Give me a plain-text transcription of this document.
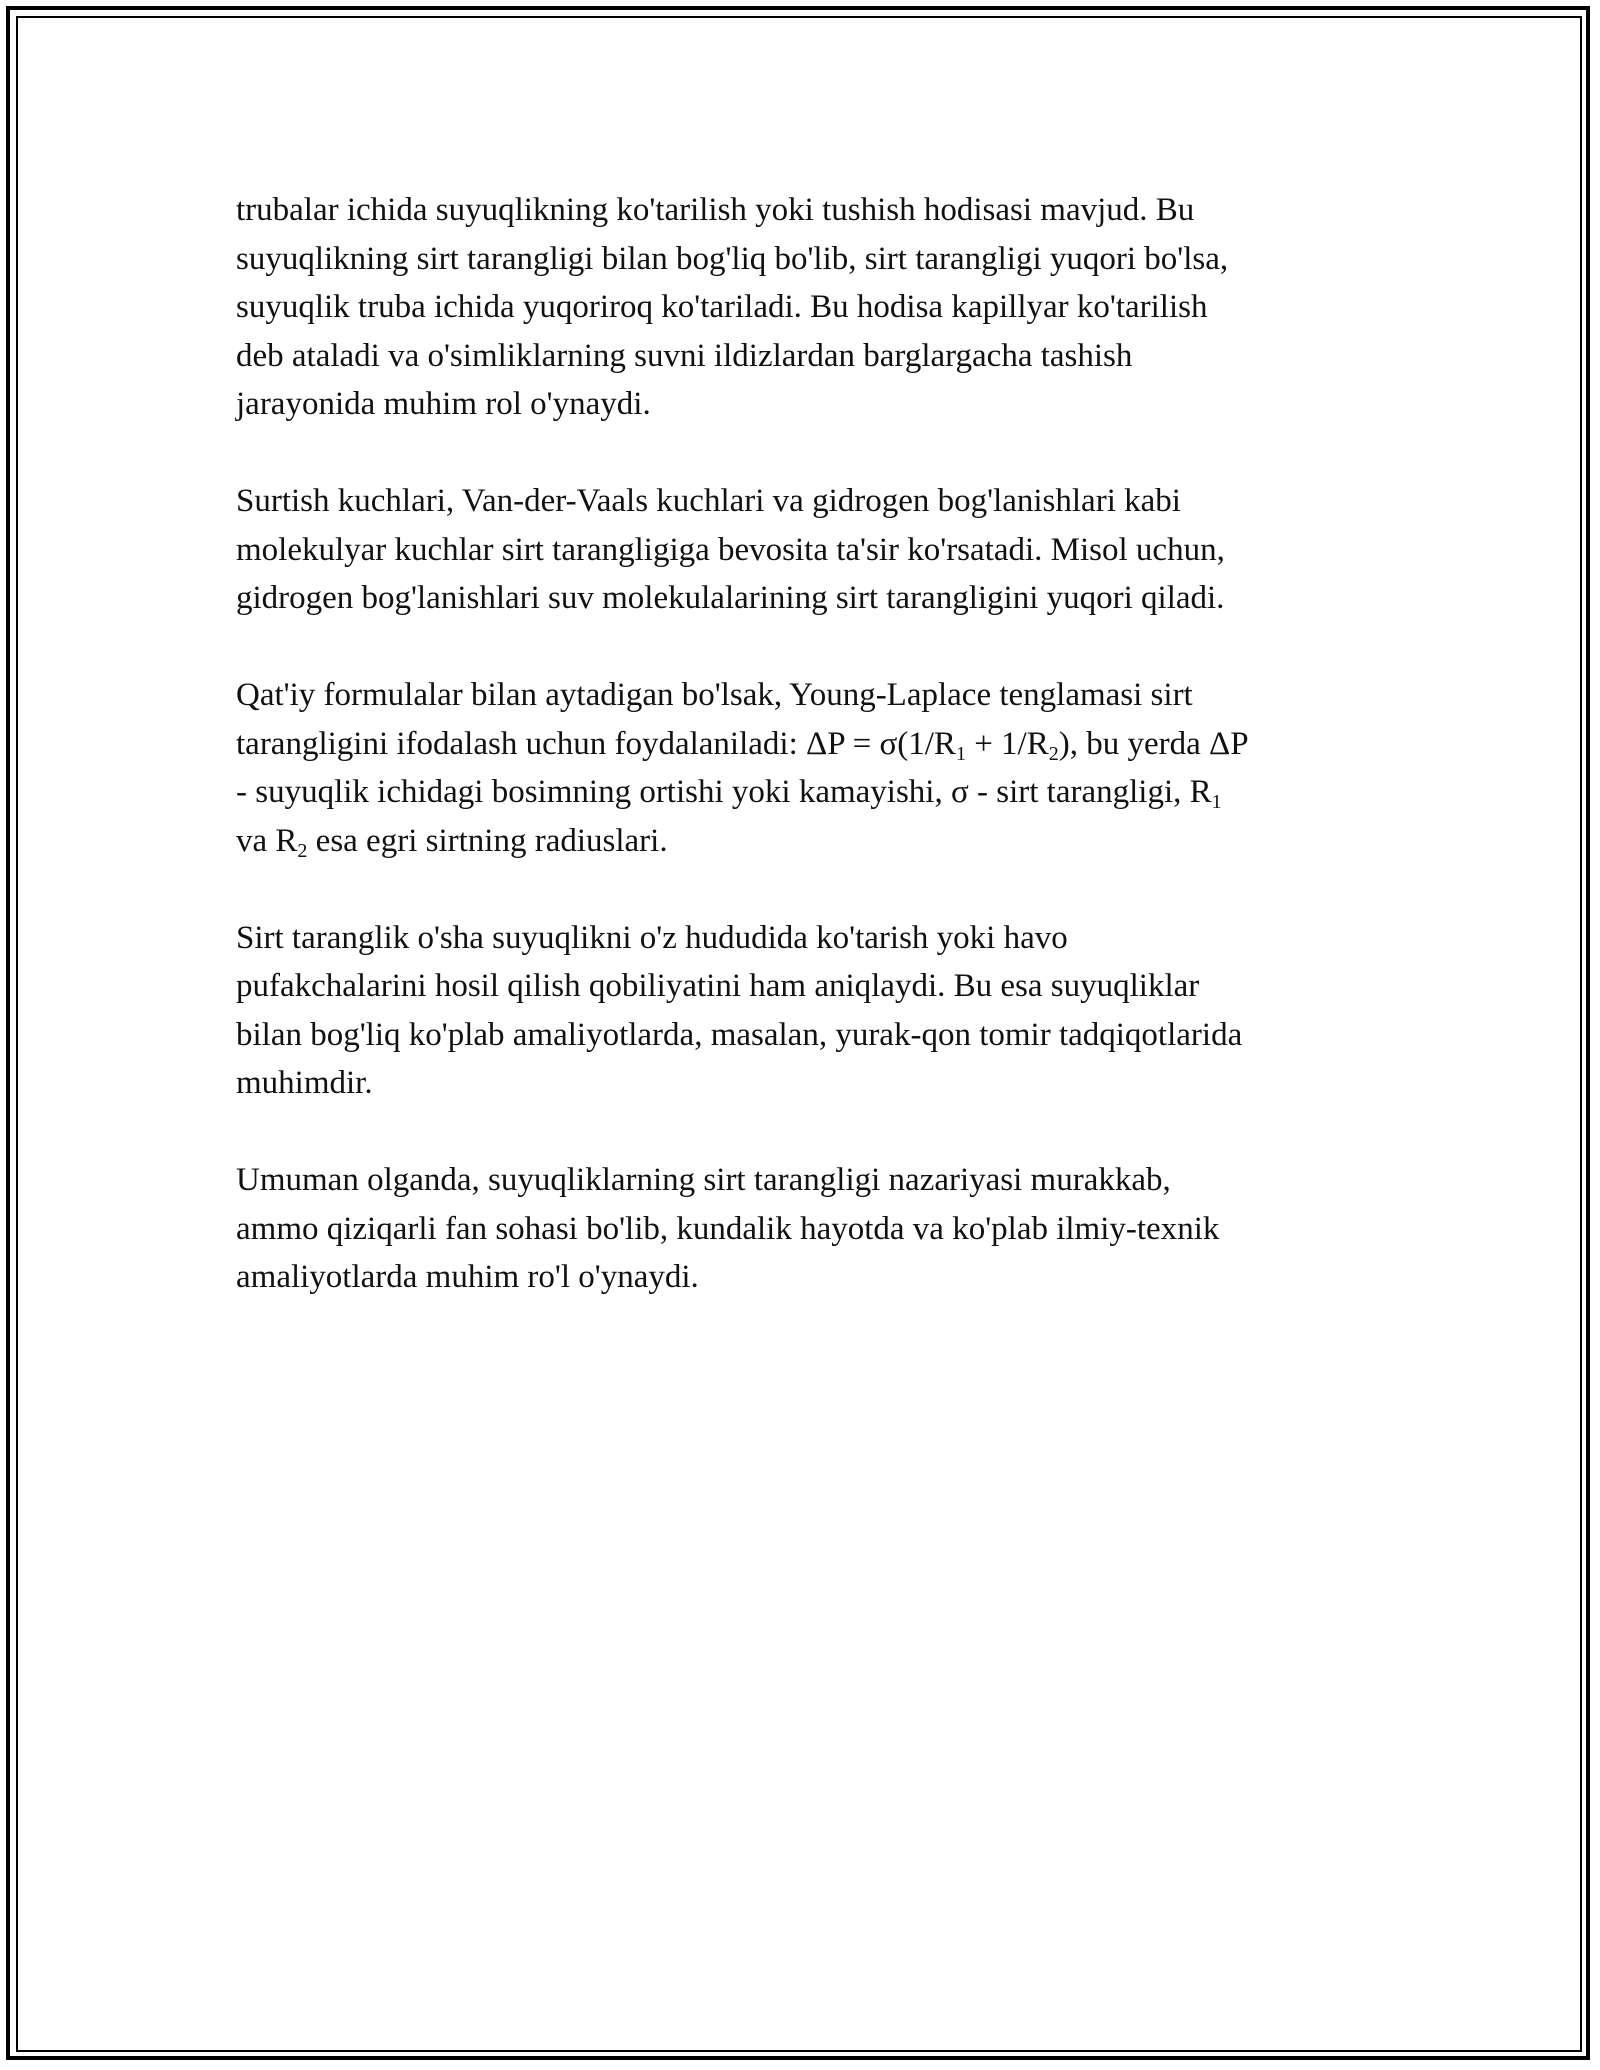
trubalar ichida suyuqlikning ko'tarilish yoki tushish hodisasi mavjud. Bu
suyuqlikning sirt tarangligi bilan bog'liq bo'lib, sirt tarangligi yuqori bo'lsa,
suyuqlik truba ichida yuqoriroq ko'tariladi. Bu hodisa kapillyar ko'tarilish
deb ataladi va o'simliklarning suvni ildizlardan barglargacha tashish
jarayonida muhim rol o'ynaydi.

Surtish kuchlari, Van-der-Vaals kuchlari va gidrogen bog'lanishlari kabi
molekulyar kuchlar sirt tarangligiga bevosita ta'sir ko'rsatadi. Misol uchun,
gidrogen bog'lanishlari suv molekulalarining sirt tarangligini yuqori qiladi.

Qat'iy formulalar bilan aytadigan bo'lsak, Young-Laplace tenglamasi sirt
tarangligini ifodalash uchun foydalaniladi: $\Delta P = \sigma(1/R_1 + 1/R_2)$, bu yerda ΔP
- suyuqlik ichidagi bosimning ortishi yoki kamayishi, σ - sirt tarangligi, $R_1$
va $R_2$ esa egri sirtning radiuslari.

Sirt taranglik o'sha suyuqlikni o'z hududida ko'tarish yoki havo
pufakchalarini hosil qilish qobiliyatini ham aniqlaydi. Bu esa suyuqliklar
bilan bog'liq ko'plab amaliyotlarda, masalan, yurak-qon tomir tadqiqotlarida
muhimdir.

Umuman olganda, suyuqliklarning sirt tarangligi nazariyasi murakkab,
ammo qiziqarli fan sohasi bo'lib, kundalik hayotda va ko'plab ilmiy-texnik
amaliyotlarda muhim ro'l o'ynaydi.
